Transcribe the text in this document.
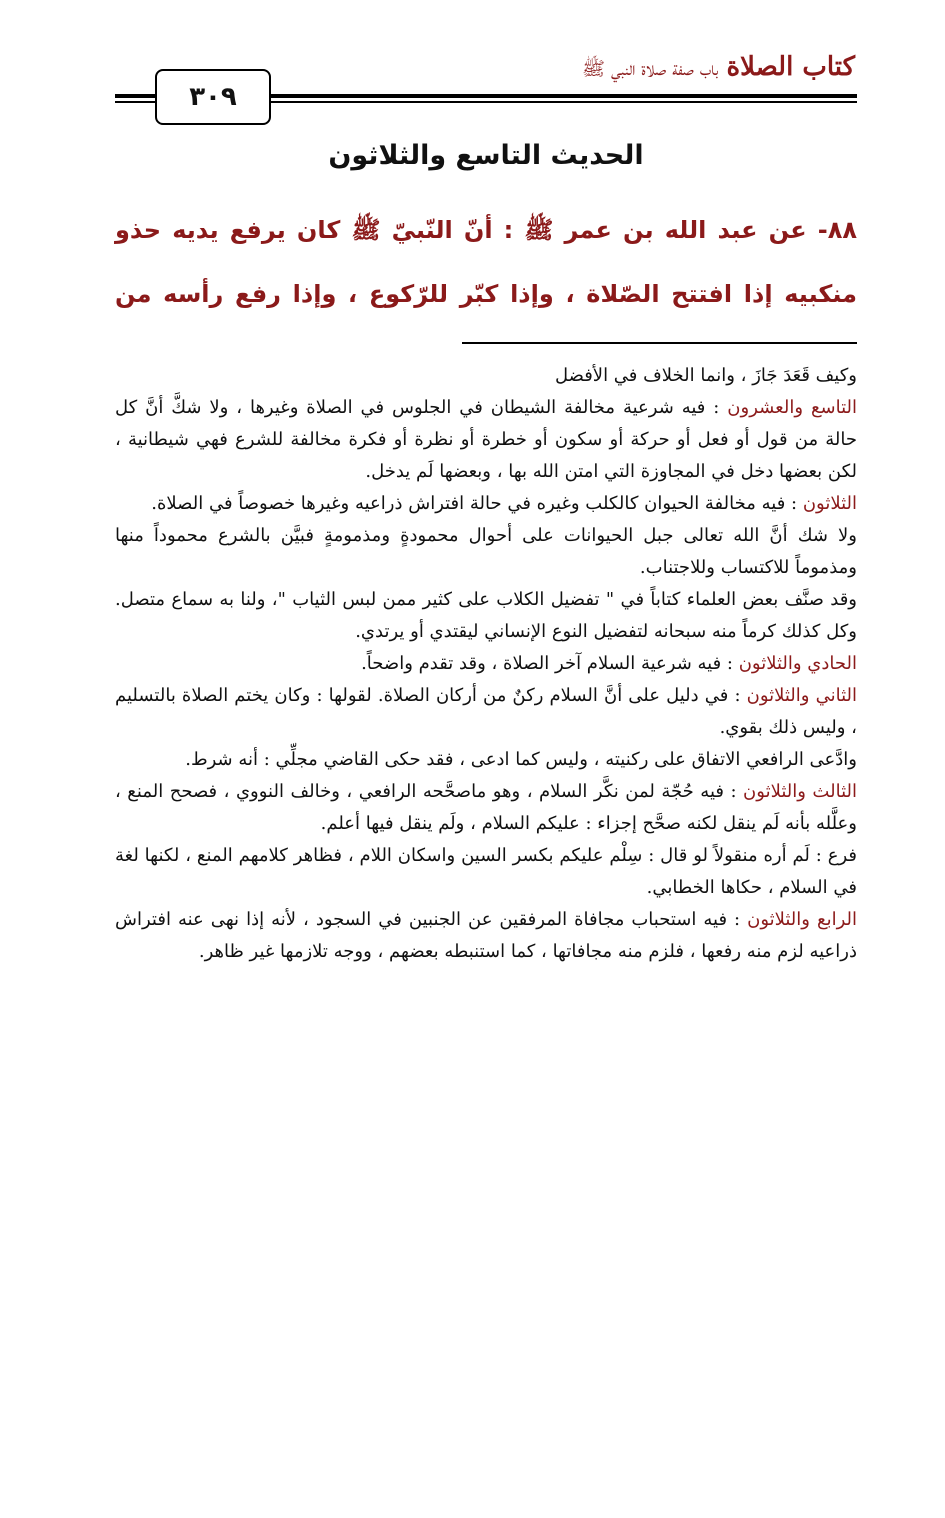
كتاب الصلاة باب صفة صلاة النبي ﷺ
٣٠٩
الحديث التاسع والثلاثون

٨٨- عن عبد الله بن عمر ﷺ : أنّ النّبيّ ﷺ كان يرفع يديه حذو منكبيه إذا افتتح الصّلاة ، وإذا كبّر للرّكوع ، وإذا رفع رأسه من

وكيف قَعَدَ جَازَ ، وانما الخلاف في الأفضل

التاسع والعشرون : فيه شرعية مخالفة الشيطان في الجلوس في الصلاة وغيرها ، ولا شكَّ أنَّ كل حالة من قول أو فعل أو حركة أو سكون أو خطرة أو نظرة أو فكرة مخالفة للشرع فهي شيطانية ، لكن بعضها دخل في المجاوزة التي امتن الله بها ، وبعضها لَم يدخل.

الثلاثون : فيه مخالفة الحيوان كالكلب وغيره في حالة افتراش ذراعيه وغيرها خصوصاً في الصلاة.

ولا شك أنَّ الله تعالى جبل الحيوانات على أحوال محمودةٍ ومذمومةٍ فبيَّن بالشرع محموداً منها ومذموماً للاكتساب وللاجتناب.

وقد صنَّف بعض العلماء كتاباً في " تفضيل الكلاب على كثير ممن لبس الثياب "، ولنا به سماع متصل. وكل كذلك كرماً منه سبحانه لتفضيل النوع الإنساني ليقتدي أو يرتدي.

الحادي والثلاثون : فيه شرعية السلام آخر الصلاة ، وقد تقدم واضحاً.

الثاني والثلاثون : في دليل على أنَّ السلام ركنٌ من أركان الصلاة. لقولها : وكان يختم الصلاة بالتسليم ، وليس ذلك بقوي.

وادَّعى الرافعي الاتفاق على ركنيته ، وليس كما ادعى ، فقد حكى القاضي مجلِّي : أنه شرط.

الثالث والثلاثون : فيه حُجّة لمن نكَّر السلام ، وهو ماصحَّحه الرافعي ، وخالف النووي ، فصحح المنع ، وعلَّله بأنه لَم ينقل لكنه صحَّح إجزاء : عليكم السلام ، ولَم ينقل فيها أعلم.

فرع : لَم أره منقولاً لو قال : سِلْم عليكم بكسر السين واسكان اللام ، فظاهر كلامهم المنع ، لكنها لغة في السلام ، حكاها الخطابي.

الرابع والثلاثون : فيه استحباب مجافاة المرفقين عن الجنبين في السجود ، لأنه إذا نهى عنه افتراش ذراعيه لزم منه رفعها ، فلزم منه مجافاتها ، كما استنبطه بعضهم ، ووجه تلازمها غير ظاهر.
